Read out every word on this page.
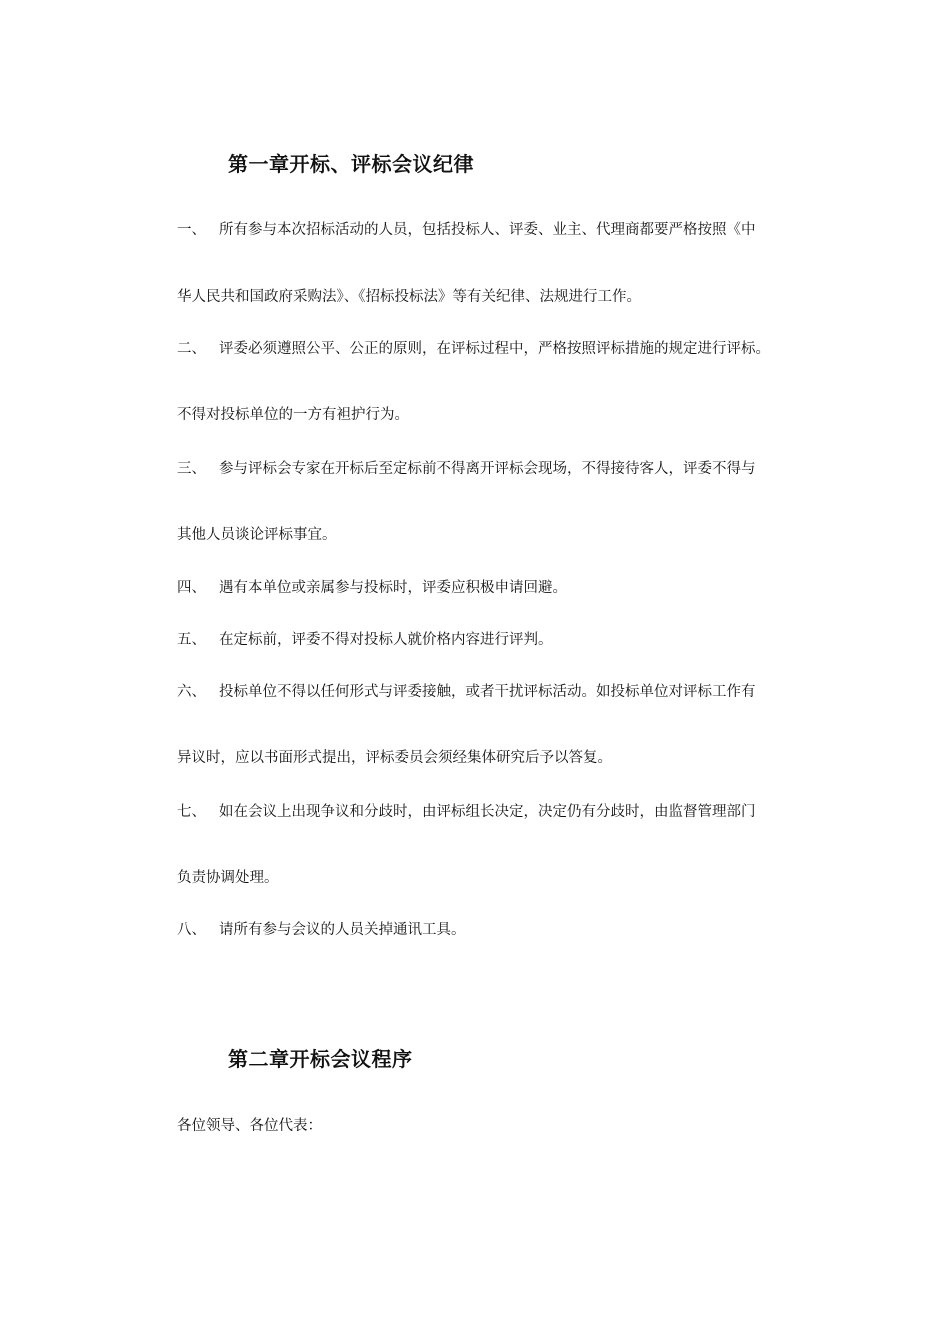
第一章开标、评标会议纪律
一、 所有参与本次招标活动的人员，包括投标人、评委、业主、代理商都要严格按照《中
华人民共和国政府采购法》、《招标投标法》等有关纪律、法规进行工作。
二、 评委必须遵照公平、公正的原则，在评标过程中，严格按照评标措施的规定进行评标。
不得对投标单位的一方有袒护行为。
三、 参与评标会专家在开标后至定标前不得离开评标会现场，不得接待客人，评委不得与
其他人员谈论评标事宜。
四、 遇有本单位或亲属参与投标时，评委应积极申请回避。
五、 在定标前，评委不得对投标人就价格内容进行评判。
六、 投标单位不得以任何形式与评委接触，或者干扰评标活动。如投标单位对评标工作有
异议时，应以书面形式提出，评标委员会须经集体研究后予以答复。
七、 如在会议上出现争议和分歧时，由评标组长决定，决定仍有分歧时，由监督管理部门
负责协调处理。
八、 请所有参与会议的人员关掉通讯工具。
第二章开标会议程序
各位领导、各位代表：
